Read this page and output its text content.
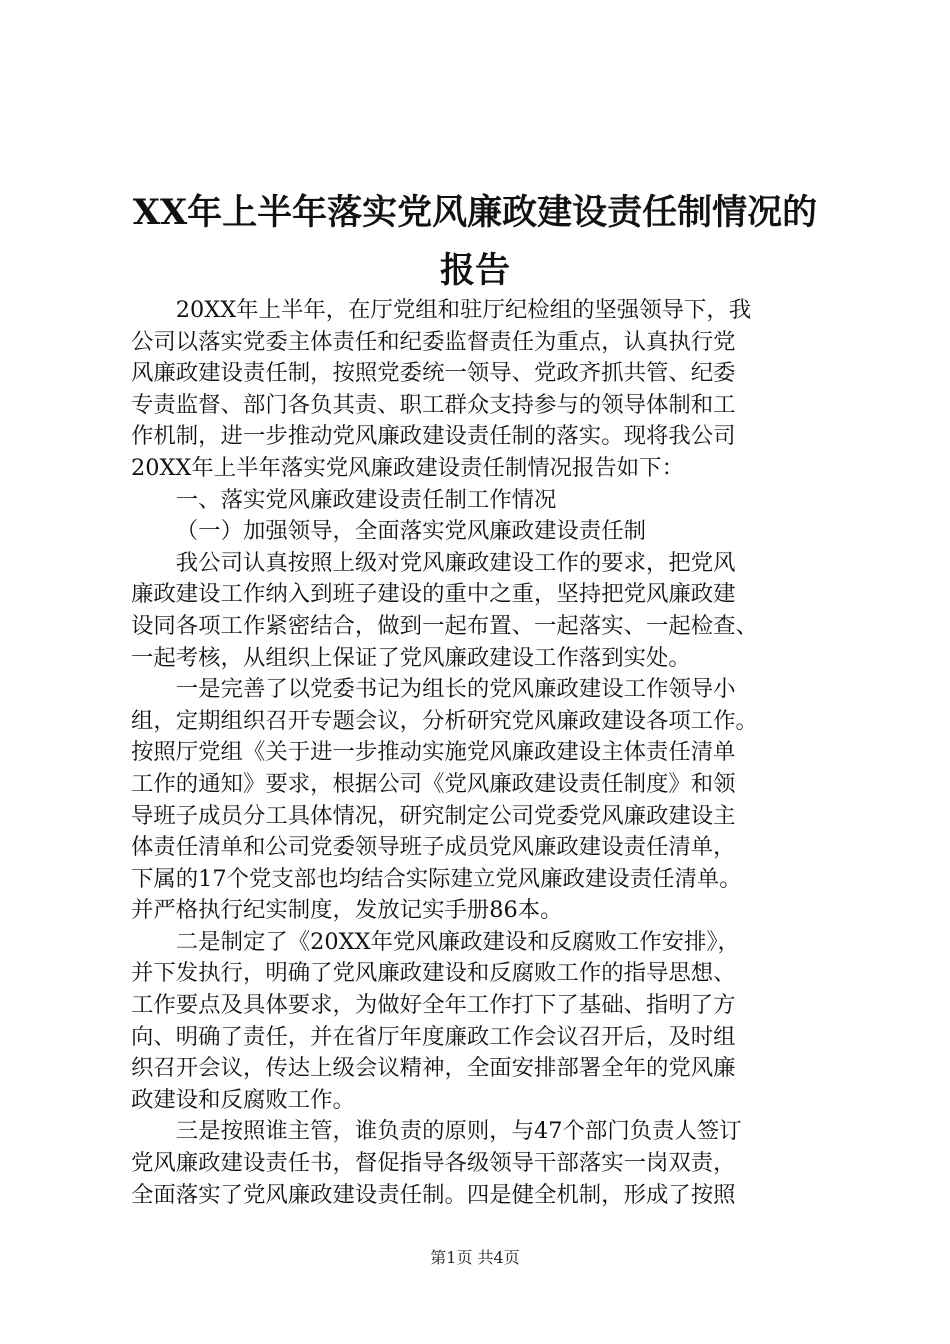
XX年上半年落实党风廉政建设责任制情况的
报告

20XX年上半年，在厅党组和驻厅纪检组的坚强领导下，我
公司以落实党委主体责任和纪委监督责任为重点，认真执行党
风廉政建设责任制，按照党委统一领导、党政齐抓共管、纪委
专责监督、部门各负其责、职工群众支持参与的领导体制和工
作机制，进一步推动党风廉政建设责任制的落实。现将我公司
20XX年上半年落实党风廉政建设责任制情况报告如下：

一、落实党风廉政建设责任制工作情况

（一）加强领导，全面落实党风廉政建设责任制

我公司认真按照上级对党风廉政建设工作的要求，把党风
廉政建设工作纳入到班子建设的重中之重，坚持把党风廉政建
设同各项工作紧密结合，做到一起布置、一起落实、一起检查、
一起考核，从组织上保证了党风廉政建设工作落到实处。

一是完善了以党委书记为组长的党风廉政建设工作领导小
组，定期组织召开专题会议，分析研究党风廉政建设各项工作。
按照厅党组《关于进一步推动实施党风廉政建设主体责任清单
工作的通知》要求，根据公司《党风廉政建设责任制度》和领
导班子成员分工具体情况，研究制定公司党委党风廉政建设主
体责任清单和公司党委领导班子成员党风廉政建设责任清单，
下属的17个党支部也均结合实际建立党风廉政建设责任清单。
并严格执行纪实制度，发放记实手册86本。

二是制定了《20XX年党风廉政建设和反腐败工作安排》，
并下发执行，明确了党风廉政建设和反腐败工作的指导思想、
工作要点及具体要求，为做好全年工作打下了基础、指明了方
向、明确了责任，并在省厅年度廉政工作会议召开后，及时组
织召开会议，传达上级会议精神，全面安排部署全年的党风廉
政建设和反腐败工作。

三是按照谁主管，谁负责的原则，与47个部门负责人签订
党风廉政建设责任书，督促指导各级领导干部落实一岗双责，
全面落实了党风廉政建设责任制。四是健全机制，形成了按照

第1页 共4页
